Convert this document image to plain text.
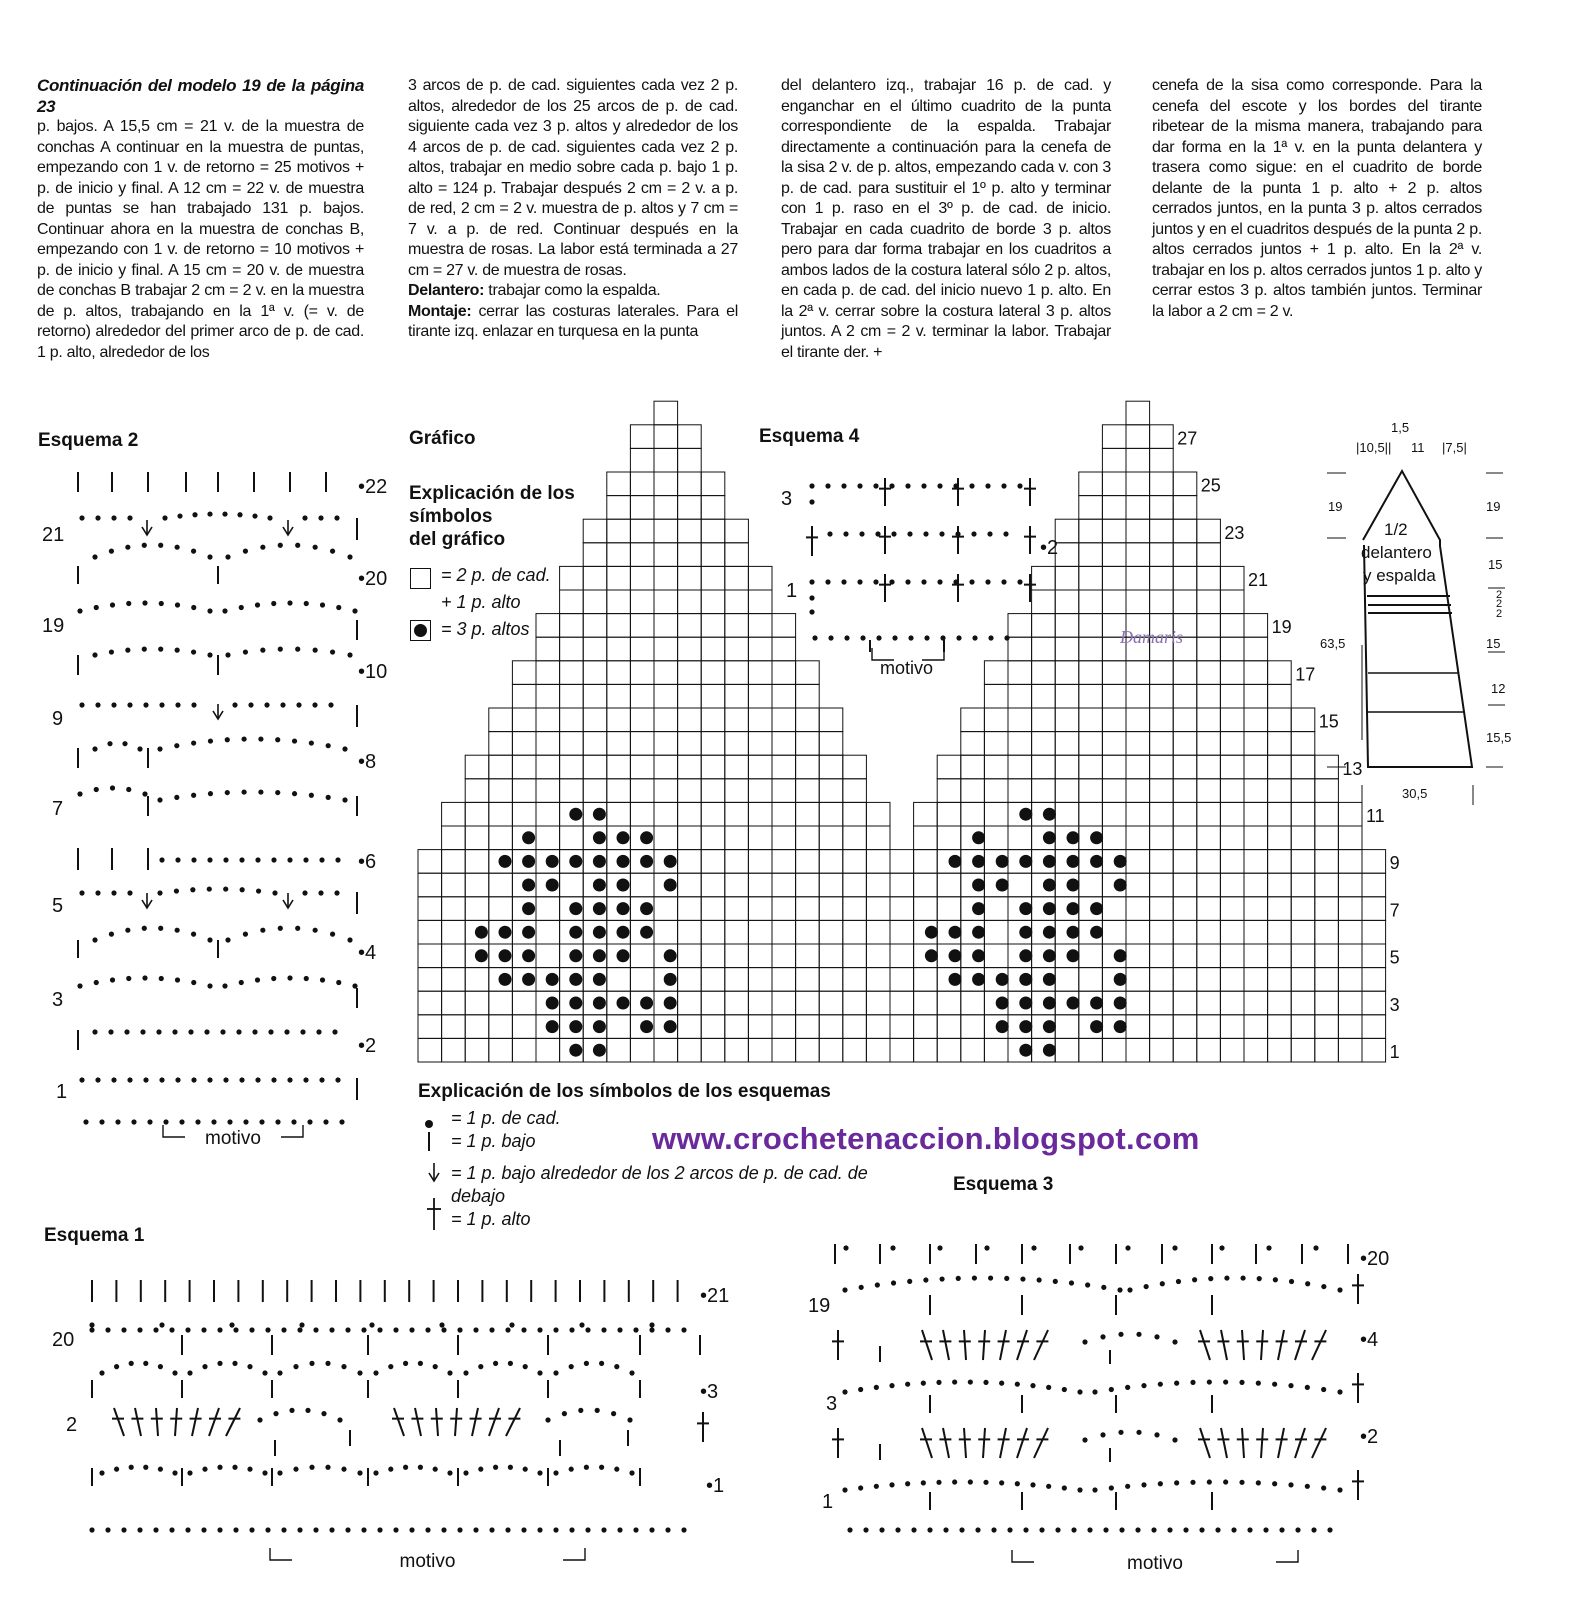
Continuación del modelo 19 de la página 23

p. bajos. A 15,5 cm = 21 v. de la muestra de conchas A continuar en la muestra de puntas, empezando con 1 v. de retorno = 25 motivos + p. de inicio y final. A 12 cm = 22 v. de muestra de puntas se han trabajado 131 p. bajos. Continuar ahora en la muestra de conchas B, empezando con 1 v. de retorno = 10 motivos + p. de inicio y final. A 15 cm = 20 v. de muestra de conchas B trabajar 2 cm = 2 v. en la muestra de p. altos, trabajando en la 1ª v. (= v. de retorno) alrededor del primer arco de p. de cad. 1 p. alto, alrededor de los

3 arcos de p. de cad. siguientes cada vez 2 p. altos, alrededor de los 25 arcos de p. de cad. siguiente cada vez 3 p. altos y alrededor de los 4 arcos de p. de cad. siguientes cada vez 2 p. altos, trabajar en medio sobre cada p. bajo 1 p. alto = 124 p. Trabajar después 2 cm = 2 v. a p. de red, 2 cm = 2 v. muestra de p. altos y 7 cm = 7 v. a p. de red. Continuar después en la muestra de rosas. La labor está terminada a 27 cm = 27 v. de muestra de rosas.

Delantero: trabajar como la espalda.

Montaje: cerrar las costuras laterales. Para el tirante izq. enlazar en turquesa en la punta

del delantero izq., trabajar 16 p. de cad. y enganchar en el último cuadrito de la punta correspondiente de la espalda. Trabajar directamente a continuación para la cenefa de la sisa 2 v. de p. altos, empezando cada v. con 3 p. de cad. para sustituir el 1º p. alto y terminar con 1 p. raso en el 3º p. de cad. de inicio. Trabajar en cada cuadrito de borde 3 p. altos pero para dar forma trabajar en los cuadritos a ambos lados de la costura lateral sólo 2 p. altos, en cada p. de cad. del inicio nuevo 1 p. alto. En la 2ª v. cerrar sobre la costura lateral 3 p. altos juntos. A 2 cm = 2 v. terminar la labor. Trabajar el tirante der. +

cenefa de la sisa como corresponde. Para la cenefa del escote y los bordes del tirante ribetear de la misma manera, trabajando para dar forma en la 1ª v. en la punta delantera y trasera como sigue: en el cuadrito de borde delante de la punta 1 p. alto + 2 p. altos cerrados juntos, en la punta 3 p. altos cerrados juntos y en el cuadritos después de la punta 2 p. altos cerrados juntos + 1 p. alto. En la 2ª v. trabajar en los p. altos cerrados juntos 1 p. alto y cerrar estos 3 p. altos también juntos. Terminar la labor a 2 cm = 2 v.

Esquema 2	Gráfico	Esquema 4
Esquema 1
Esquema 3
Explicación de los
símbolos
del gráfico
= 2 p. de cad.
+ 1 p. alto
= 3 p. altos
Explicación de los símbolos de los esquemas
= 1 p. de cad.
= 1 p. bajo
= 1 p. bajo alrededor de los 2 arcos de p. de cad. de
debajo
= 1 p. alto
www.crochetenaccion.blogspot.com
27
25
23
21
19
17
15
13
11
9
7
5
3
1
Damaris
•22
21
•20
19
•10
9
•8
7
•6
5
•4
3
•2
1
motivo
•21
20
•3
2
•1
motivo
•20
19
•4
3
•2
1
motivo
3
•2
1
motivo
1,5
|10,5|| 11 |7,5|
19	19
1/2
delantero
y espalda
15
2
2
2
63,5	15
12
15,5
30,5
